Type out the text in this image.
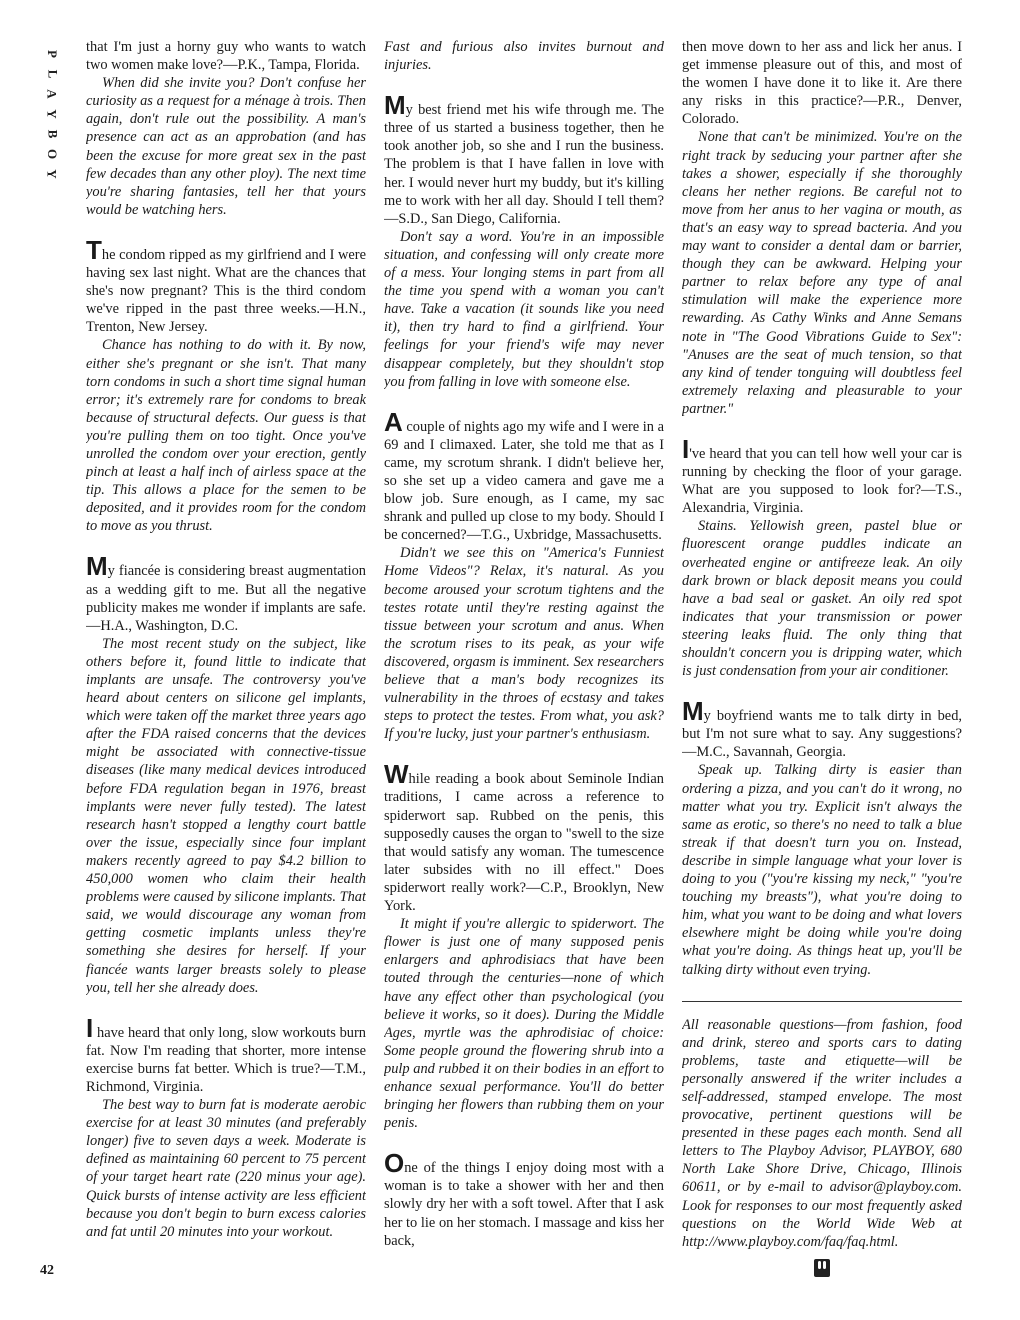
P
L
A
Y
B
O
Y
42

that I'm just a horny guy who wants to watch two women make love?—P.K., Tampa, Florida.

When did she invite you? Don't confuse her curiosity as a request for a ménage à trois. Then again, don't rule out the possibility. A man's presence can act as an approbation (and has been the excuse for more great sex in the past few decades than any other ploy). The next time you're sharing fantasies, tell her that yours would be watching hers.

The condom ripped as my girlfriend and I were having sex last night. What are the chances that she's now pregnant? This is the third condom we've ripped in the past three weeks.—H.N., Trenton, New Jersey.

Chance has nothing to do with it. By now, either she's pregnant or she isn't. That many torn condoms in such a short time signal human error; it's extremely rare for condoms to break because of structural defects. Our guess is that you're pulling them on too tight. Once you've unrolled the condom over your erection, gently pinch at least a half inch of airless space at the tip. This allows a place for the semen to be deposited, and it provides room for the condom to move as you thrust.

My fiancée is considering breast augmentation as a wedding gift to me. But all the negative publicity makes me wonder if implants are safe.—H.A., Washington, D.C.

The most recent study on the subject, like others before it, found little to indicate that implants are unsafe. The controversy you've heard about centers on silicone gel implants, which were taken off the market three years ago after the FDA raised concerns that the devices might be associated with connective-tissue diseases (like many medical devices introduced before FDA regulation began in 1976, breast implants were never fully tested). The latest research hasn't stopped a lengthy court battle over the issue, especially since four implant makers recently agreed to pay $4.2 billion to 450,000 women who claim their health problems were caused by silicone implants. That said, we would discourage any woman from getting cosmetic implants unless they're something she desires for herself. If your fiancée wants larger breasts solely to please you, tell her she already does.

I have heard that only long, slow workouts burn fat. Now I'm reading that shorter, more intense exercise burns fat better. Which is true?—T.M., Richmond, Virginia.

The best way to burn fat is moderate aerobic exercise for at least 30 minutes (and preferably longer) five to seven days a week. Moderate is defined as maintaining 60 percent to 75 percent of your target heart rate (220 minus your age). Quick bursts of intense activity are less efficient because you don't begin to burn excess calories and fat until 20 minutes into your workout.

Fast and furious also invites burnout and injuries.

My best friend met his wife through me. The three of us started a business together, then he took another job, so she and I run the business. The problem is that I have fallen in love with her. I would never hurt my buddy, but it's killing me to work with her all day. Should I tell them?—S.D., San Diego, California.

Don't say a word. You're in an impossible situation, and confessing will only create more of a mess. Your longing stems in part from all the time you spend with a woman you can't have. Take a vacation (it sounds like you need it), then try hard to find a girlfriend. Your feelings for your friend's wife may never disappear completely, but they shouldn't stop you from falling in love with someone else.

A couple of nights ago my wife and I were in a 69 and I climaxed. Later, she told me that as I came, my scrotum shrank. I didn't believe her, so she set up a video camera and gave me a blow job. Sure enough, as I came, my sac shrank and pulled up close to my body. Should I be concerned?—T.G., Uxbridge, Massachusetts.

Didn't we see this on "America's Funniest Home Videos"? Relax, it's natural. As you become aroused your scrotum tightens and the testes rotate until they're resting against the tissue between your scrotum and anus. When the scrotum rises to its peak, as your wife discovered, orgasm is imminent. Sex researchers believe that a man's body recognizes its vulnerability in the throes of ecstasy and takes steps to protect the testes. From what, you ask? If you're lucky, just your partner's enthusiasm.

While reading a book about Seminole Indian traditions, I came across a reference to spiderwort sap. Rubbed on the penis, this supposedly causes the organ to "swell to the size that would satisfy any woman. The tumescence later subsides with no ill effect." Does spiderwort really work?—C.P., Brooklyn, New York.

It might if you're allergic to spiderwort. The flower is just one of many supposed penis enlargers and aphrodisiacs that have been touted through the centuries—none of which have any effect other than psychological (you believe it works, so it does). During the Middle Ages, myrtle was the aphrodisiac of choice: Some people ground the flowering shrub into a pulp and rubbed it on their bodies in an effort to enhance sexual performance. You'll do better bringing her flowers than rubbing them on your penis.

One of the things I enjoy doing most with a woman is to take a shower with her and then slowly dry her with a soft towel. After that I ask her to lie on her stomach. I massage and kiss her back,

then move down to her ass and lick her anus. I get immense pleasure out of this, and most of the women I have done it to like it. Are there any risks in this practice?—P.R., Denver, Colorado.

None that can't be minimized. You're on the right track by seducing your partner after she takes a shower, especially if she thoroughly cleans her nether regions. Be careful not to move from her anus to her vagina or mouth, as that's an easy way to spread bacteria. And you may want to consider a dental dam or barrier, though they can be awkward. Helping your partner to relax before any type of anal stimulation will make the experience more rewarding. As Cathy Winks and Anne Semans note in "The Good Vibrations Guide to Sex": "Anuses are the seat of much tension, so that any kind of tender tonguing will doubtless feel extremely relaxing and pleasurable to your partner."

I've heard that you can tell how well your car is running by checking the floor of your garage. What are you supposed to look for?—T.S., Alexandria, Virginia.

Stains. Yellowish green, pastel blue or fluorescent orange puddles indicate an overheated engine or antifreeze leak. An oily dark brown or black deposit means you could have a bad seal or gasket. An oily red spot indicates that your transmission or power steering leaks fluid. The only thing that shouldn't concern you is dripping water, which is just condensation from your air conditioner.

My boyfriend wants me to talk dirty in bed, but I'm not sure what to say. Any suggestions?—M.C., Savannah, Georgia.

Speak up. Talking dirty is easier than ordering a pizza, and you can't do it wrong, no matter what you try. Explicit isn't always the same as erotic, so there's no need to talk a blue streak if that doesn't turn you on. Instead, describe in simple language what your lover is doing to you ("you're kissing my neck," "you're touching my breasts"), what you're doing to him, what you want to be doing and what lovers elsewhere might be doing while you're doing what you're doing. As things heat up, you'll be talking dirty without even trying.

All reasonable questions—from fashion, food and drink, stereo and sports cars to dating problems, taste and etiquette—will be personally answered if the writer includes a self-addressed, stamped envelope. The most provocative, pertinent questions will be presented in these pages each month. Send all letters to The Playboy Advisor, PLAYBOY, 680 North Lake Shore Drive, Chicago, Illinois 60611, or by e-mail to advisor@playboy.com. Look for responses to our most frequently asked questions on the World Wide Web at http://www.playboy.com/faq/faq.html.
